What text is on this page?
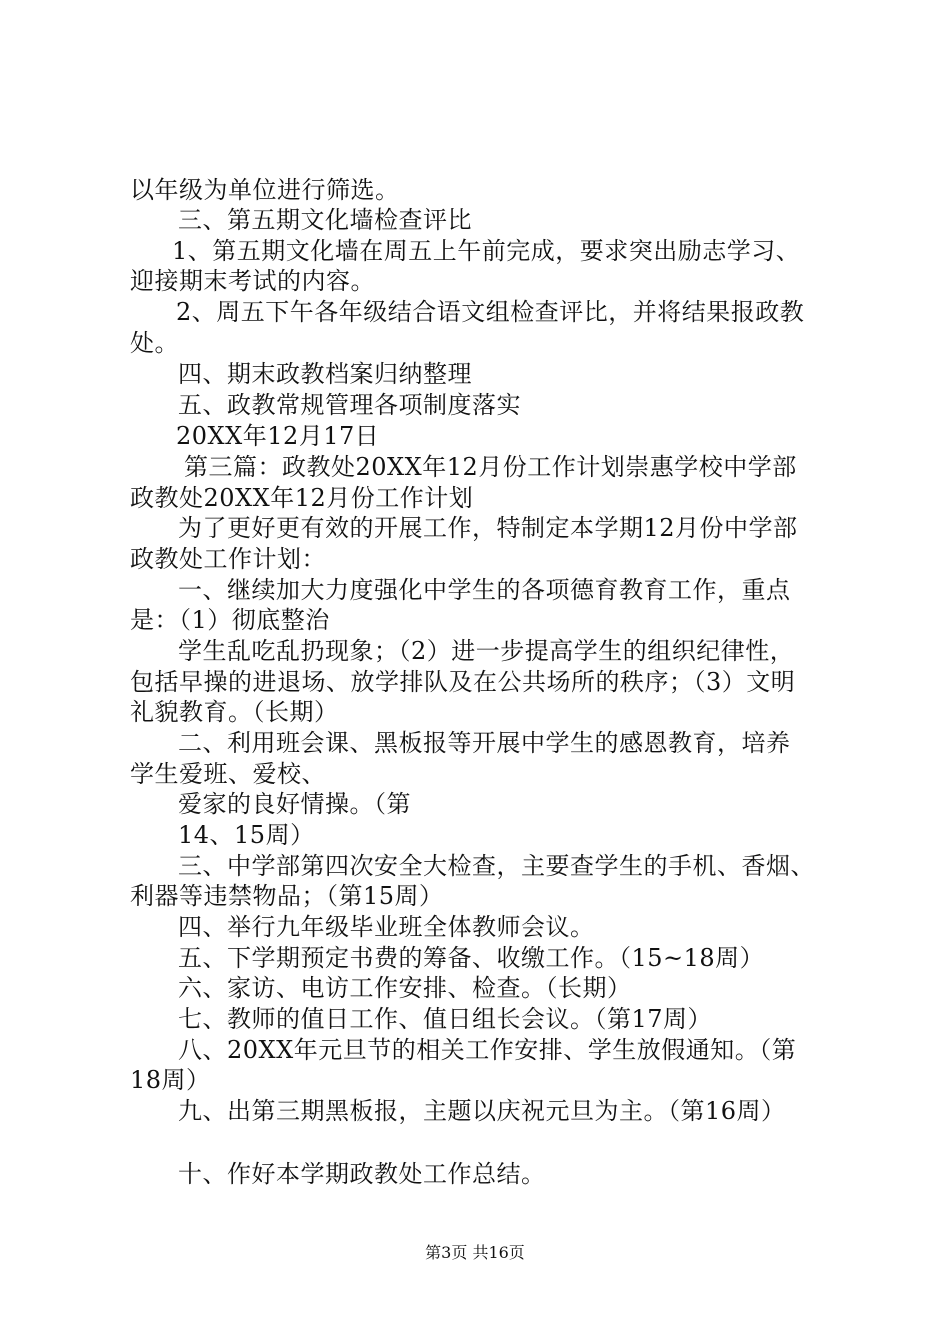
以年级为单位进行筛选。
三、第五期文化墙检查评比
1、第五期文化墙在周五上午前完成，要求突出励志学习、
迎接期末考试的内容。
2、周五下午各年级结合语文组检查评比，并将结果报政教
处。
四、期末政教档案归纳整理
五、政教常规管理各项制度落实
20XX年12月17日
第三篇：政教处20XX年12月份工作计划崇惠学校中学部
政教处20XX年12月份工作计划
为了更好更有效的开展工作，特制定本学期12月份中学部
政教处工作计划：
一、继续加大力度强化中学生的各项德育教育工作，重点
是：（1）彻底整治
学生乱吃乱扔现象；（2）进一步提高学生的组织纪律性，
包括早操的进退场、放学排队及在公共场所的秩序；（3）文明
礼貌教育。（长期）
二、利用班会课、黑板报等开展中学生的感恩教育，培养
学生爱班、爱校、
爱家的良好情操。（第
14、15周）
三、中学部第四次安全大检查，主要查学生的手机、香烟、
利器等违禁物品；（第15周）
四、举行九年级毕业班全体教师会议。
五、下学期预定书费的筹备、收缴工作。（15~18周）
六、家访、电访工作安排、检查。（长期）
七、教师的值日工作、值日组长会议。（第17周）
八、20XX年元旦节的相关工作安排、学生放假通知。（第
18周）
九、出第三期黑板报，主题以庆祝元旦为主。（第16周）
十、作好本学期政教处工作总结。
第3页 共16页
